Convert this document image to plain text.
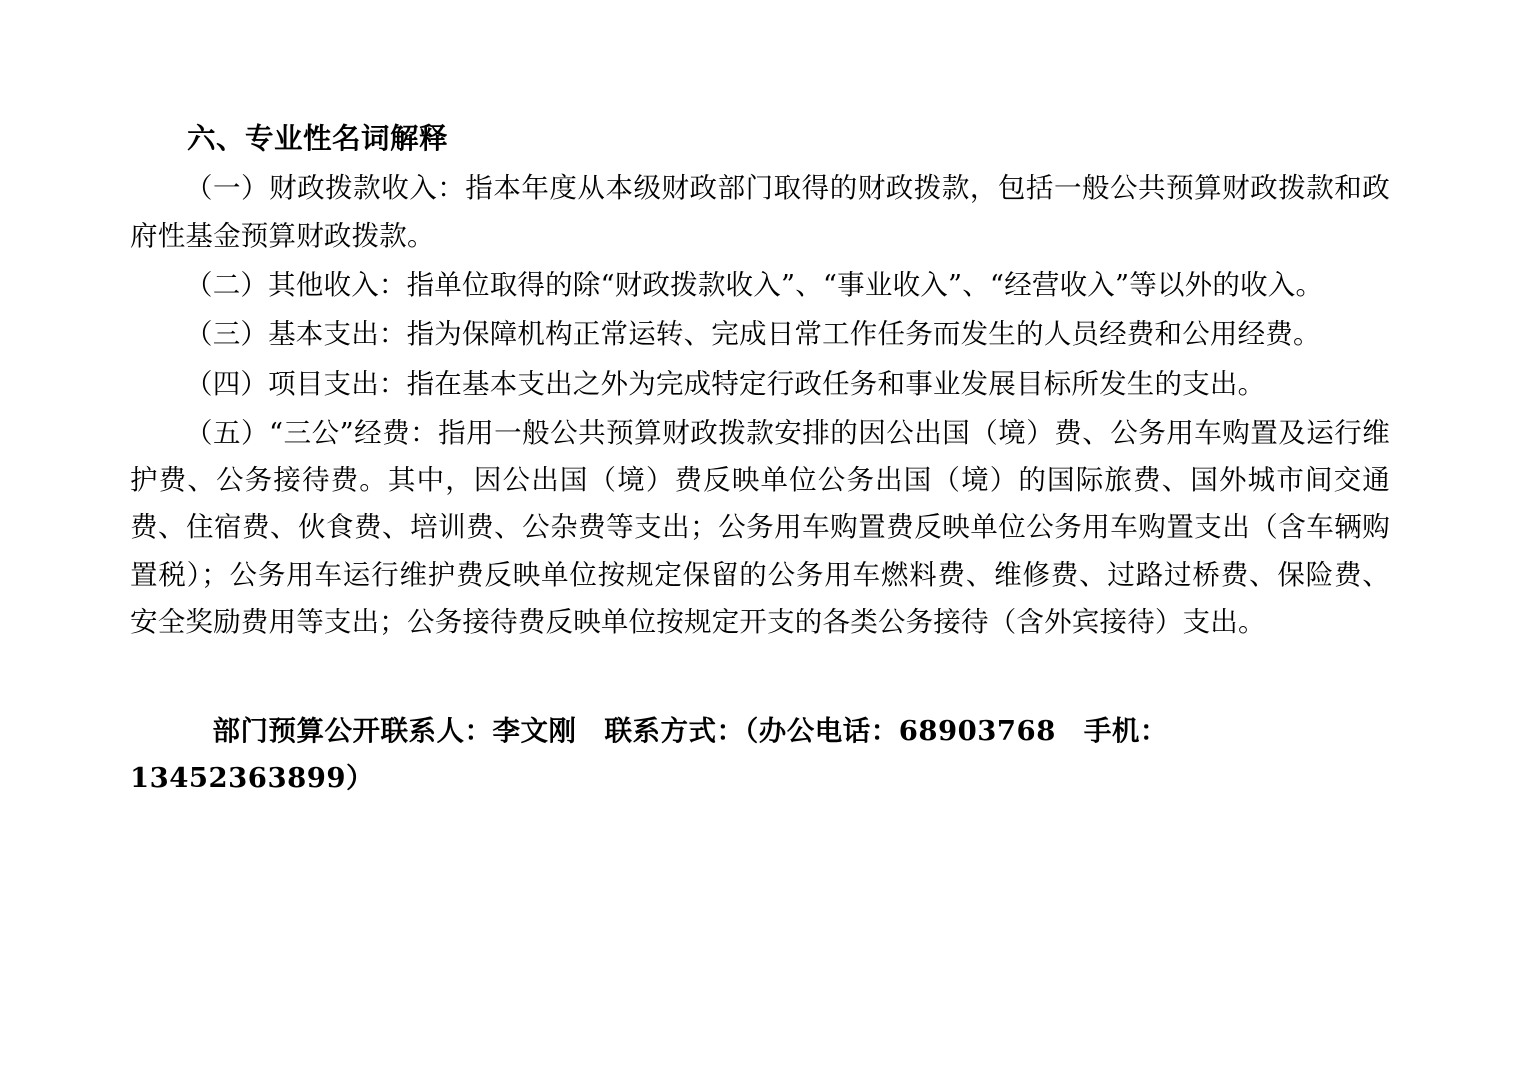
六、专业性名词解释

（一）财政拨款收入：指本年度从本级财政部门取得的财政拨款，包括一般公共预算财政拨款和政府性基金预算财政拨款。

（二）其他收入：指单位取得的除“财政拨款收入”、“事业收入”、“经营收入”等以外的收入。

（三）基本支出：指为保障机构正常运转、完成日常工作任务而发生的人员经费和公用经费。

（四）项目支出：指在基本支出之外为完成特定行政任务和事业发展目标所发生的支出。

（五）“三公”经费：指用一般公共预算财政拨款安排的因公出国（境）费、公务用车购置及运行维护费、公务接待费。其中，因公出国（境）费反映单位公务出国（境）的国际旅费、国外城市间交通费、住宿费、伙食费、培训费、公杂费等支出；公务用车购置费反映单位公务用车购置支出（含车辆购置税）；公务用车运行维护费反映单位按规定保留的公务用车燃料费、维修费、过路过桥费、保险费、安全奖励费用等支出；公务接待费反映单位按规定开支的各类公务接待（含外宾接待）支出。

部门预算公开联系人：李文刚　联系方式：（办公电话：68903768　手机：13452363899）
